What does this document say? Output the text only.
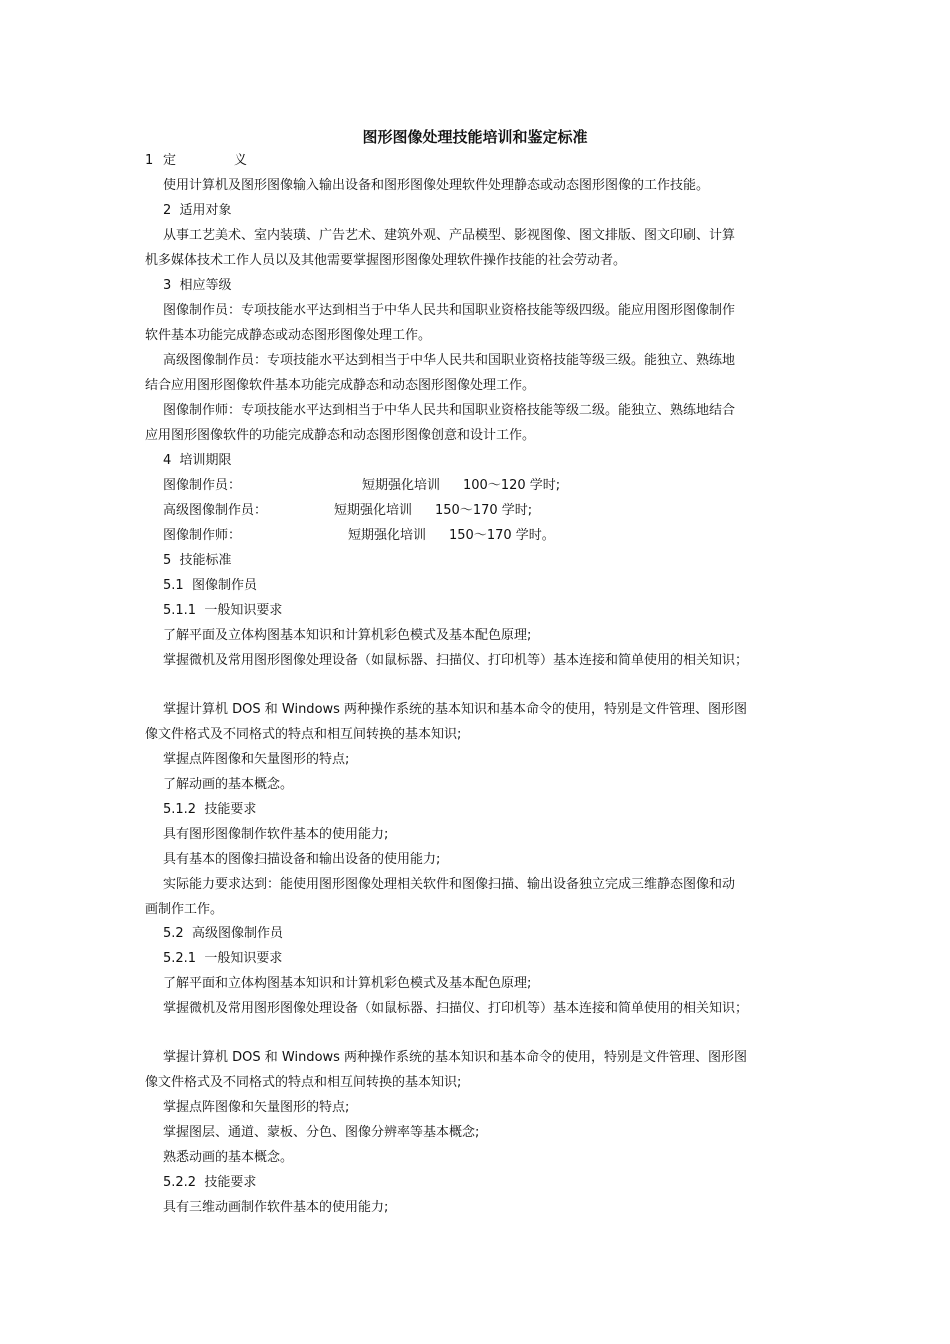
图形图像处理技能培训和鉴定标准
1 定	义
使用计算机及图形图像输入输出设备和图形图像处理软件处理静态或动态图形图像的工作技能。
2  适用对象
从事工艺美术、室内装璜、广告艺术、建筑外观、产品模型、影视图像、图文排版、图文印刷、计算
机多媒体技术工作人员以及其他需要掌握图形图像处理软件操作技能的社会劳动者。
3  相应等级
图像制作员：专项技能水平达到相当于中华人民共和国职业资格技能等级四级。能应用图形图像制作
软件基本功能完成静态或动态图形图像处理工作。
高级图像制作员：专项技能水平达到相当于中华人民共和国职业资格技能等级三级。能独立、熟练地
结合应用图形图像软件基本功能完成静态和动态图形图像处理工作。
图像制作师：专项技能水平达到相当于中华人民共和国职业资格技能等级二级。能独立、熟练地结合
应用图形图像软件的功能完成静态和动态图形图像创意和设计工作。
4  培训期限
图像制作员：	短期强化培训 100～120 学时;
高级图像制作员：	短期强化培训 150～170 学时;
图像制作师：	短期强化培训 150～170 学时。
5  技能标准
5.1  图像制作员
5.1.1  一般知识要求
了解平面及立体构图基本知识和计算机彩色模式及基本配色原理;
掌握微机及常用图形图像处理设备（如鼠标器、扫描仪、打印机等）基本连接和简单使用的相关知识；
掌握计算机 DOS 和 Windows 两种操作系统的基本知识和基本命令的使用，特别是文件管理、图形图
像文件格式及不同格式的特点和相互间转换的基本知识;
掌握点阵图像和矢量图形的特点;
了解动画的基本概念。
5.1.2  技能要求
具有图形图像制作软件基本的使用能力;
具有基本的图像扫描设备和输出设备的使用能力;
实际能力要求达到：能使用图形图像处理相关软件和图像扫描、输出设备独立完成三维静态图像和动
画制作工作。
5.2  高级图像制作员
5.2.1  一般知识要求
了解平面和立体构图基本知识和计算机彩色模式及基本配色原理;
掌握微机及常用图形图像处理设备（如鼠标器、扫描仪、打印机等）基本连接和简单使用的相关知识；
掌握计算机 DOS 和 Windows 两种操作系统的基本知识和基本命令的使用，特别是文件管理、图形图
像文件格式及不同格式的特点和相互间转换的基本知识;
掌握点阵图像和矢量图形的特点;
掌握图层、通道、蒙板、分色、图像分辨率等基本概念;
熟悉动画的基本概念。
5.2.2  技能要求
具有三维动画制作软件基本的使用能力;
